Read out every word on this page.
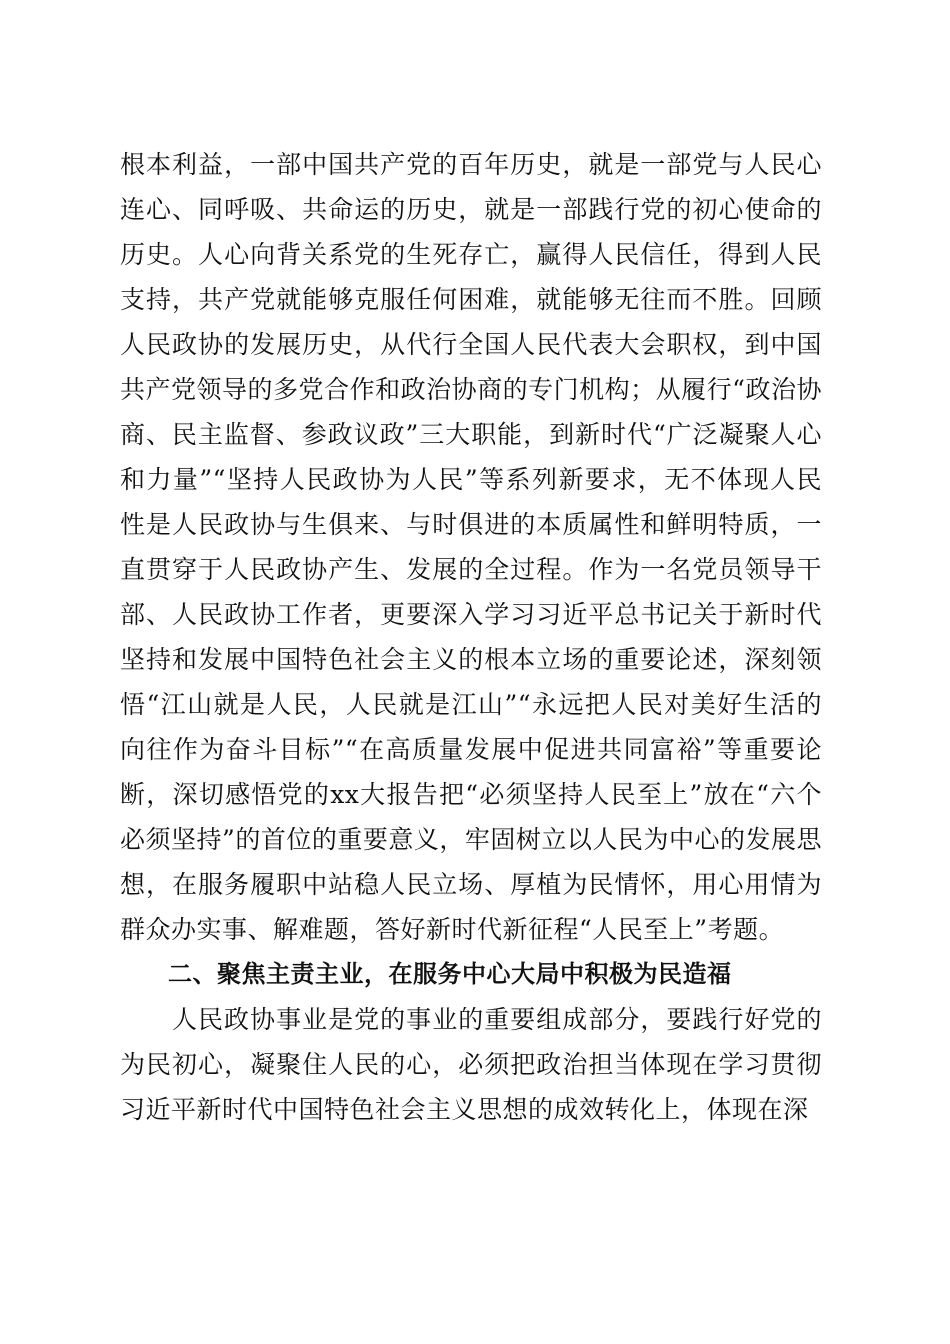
根本利益，一部中国共产党的百年历史，就是一部党与人民心连心、同呼吸、共命运的历史，就是一部践行党的初心使命的历史。人心向背关系党的生死存亡，赢得人民信任，得到人民支持，共产党就能够克服任何困难，就能够无往而不胜。回顾人民政协的发展历史，从代行全国人民代表大会职权，到中国共产党领导的多党合作和政治协商的专门机构；从履行“政治协商、民主监督、参政议政”三大职能，到新时代“广泛凝聚人心和力量”“坚持人民政协为人民”等系列新要求，无不体现人民性是人民政协与生俱来、与时俱进的本质属性和鲜明特质，一直贯穿于人民政协产生、发展的全过程。作为一名党员领导干部、人民政协工作者，更要深入学习习近平总书记关于新时代坚持和发展中国特色社会主义的根本立场的重要论述，深刻领悟“江山就是人民，人民就是江山”“永远把人民对美好生活的向往作为奋斗目标”“在高质量发展中促进共同富裕”等重要论断，深切感悟党的xx大报告把“必须坚持人民至上”放在“六个必须坚持”的首位的重要意义，牢固树立以人民为中心的发展思想，在服务履职中站稳人民立场、厚植为民情怀，用心用情为群众办实事、解难题，答好新时代新征程“人民至上”考题。

二、聚焦主责主业，在服务中心大局中积极为民造福

人民政协事业是党的事业的重要组成部分，要践行好党的为民初心，凝聚住人民的心，必须把政治担当体现在学习贯彻习近平新时代中国特色社会主义思想的成效转化上，体现在深
